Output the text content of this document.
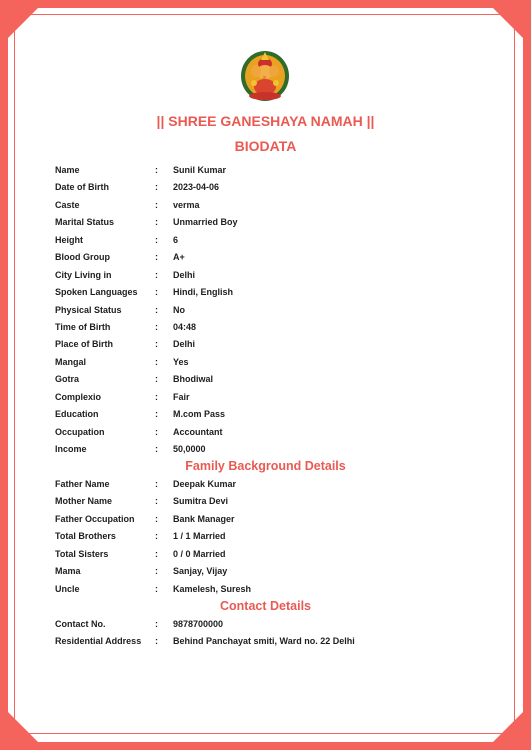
|| SHREE GANESHAYA NAMAH ||
BIODATA
Name	: Sunil Kumar
Date of Birth	: 2023-04-06
Caste	: verma
Marital Status	: Unmarried Boy
Height	: 6
Blood Group	: A+
City Living in	: Delhi
Spoken Languages : Hindi, English
Physical Status	: No
Time of Birth	: 04:48
Place of Birth	: Delhi
Mangal	: Yes
Gotra	: Bhodiwal
Complexio	: Fair
Education	: M.com Pass
Occupation	: Accountant
Income	: 50,0000
Family Background Details
Father Name	: Deepak Kumar
Mother Name	: Sumitra Devi
Father Occupation : Bank Manager
Total Brothers	: 1 / 1 Married
Total Sisters	: 0 / 0 Married
Mama	: Sanjay, Vijay
Uncle	: Kamelesh, Suresh
Contact Details
Contact No.	: 9878700000
Residential Address : Behind Panchayat smiti, Ward no. 22 Delhi
